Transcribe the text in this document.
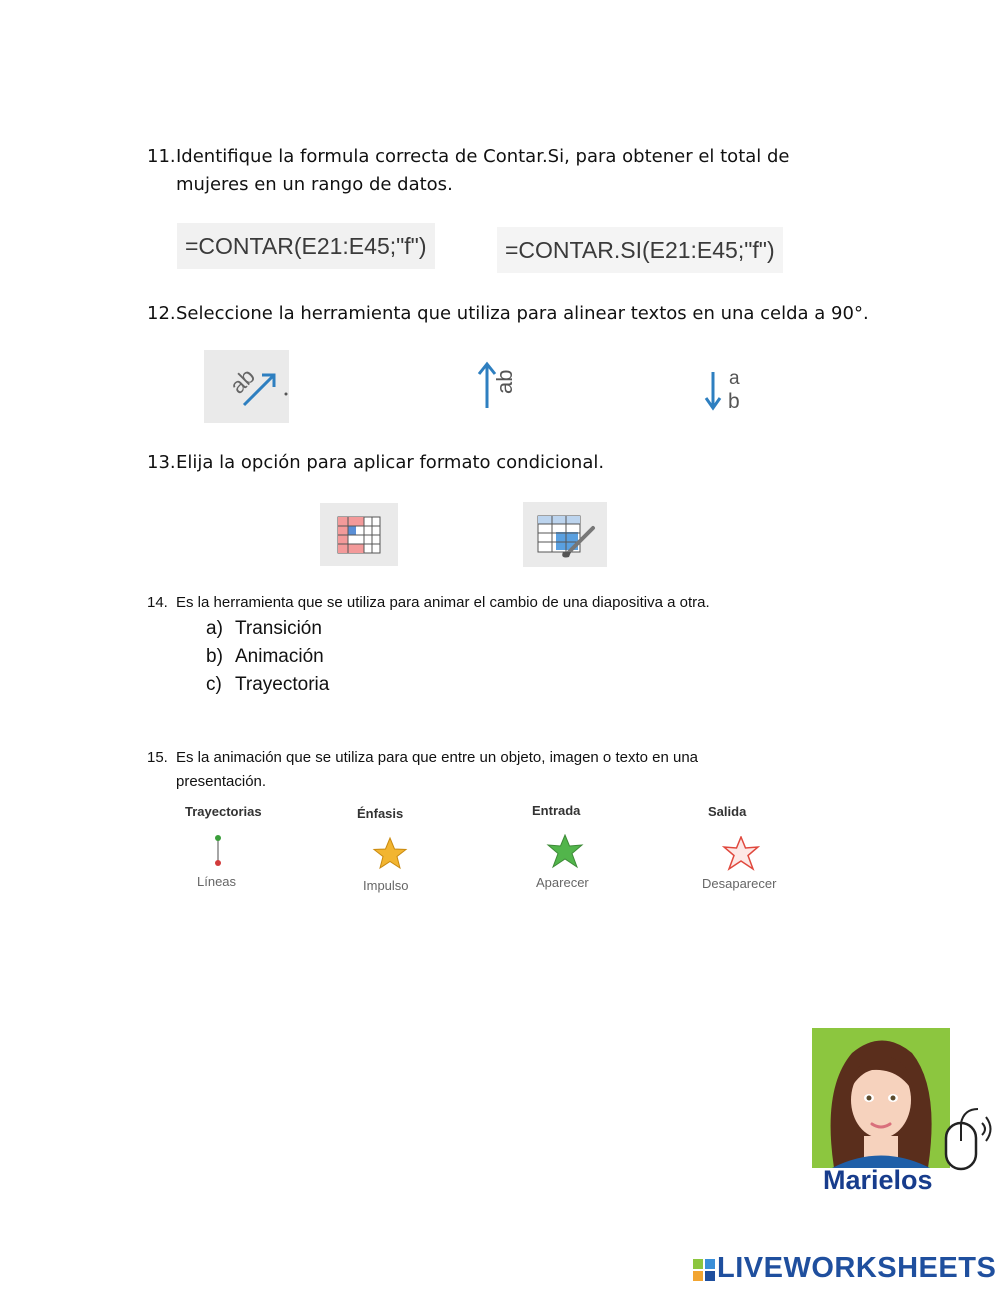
11. Identifique la formula correcta de Contar.Si, para obtener el total de
mujeres en un rango de datos.
=CONTAR(E21:E45;"f")	=CONTAR.SI(E21:E45;"f")
12. Seleccione la herramienta que utiliza para alinear textos en una celda a 90°.
ab	ab	a
b
13. Elija la opción para aplicar formato condicional.
14. Es la herramienta que se utiliza para animar el cambio de una diapositiva a otra.
a) Transición
b) Animación
c) Trayectoria
15. Es la animación que se utiliza para que entre un objeto, imagen o texto en una
presentación.
Trayectorias
Líneas
Énfasis
Impulso
Entrada
Aparecer
Salida
Desaparecer
Marielos
LIVEWORKSHEETS
